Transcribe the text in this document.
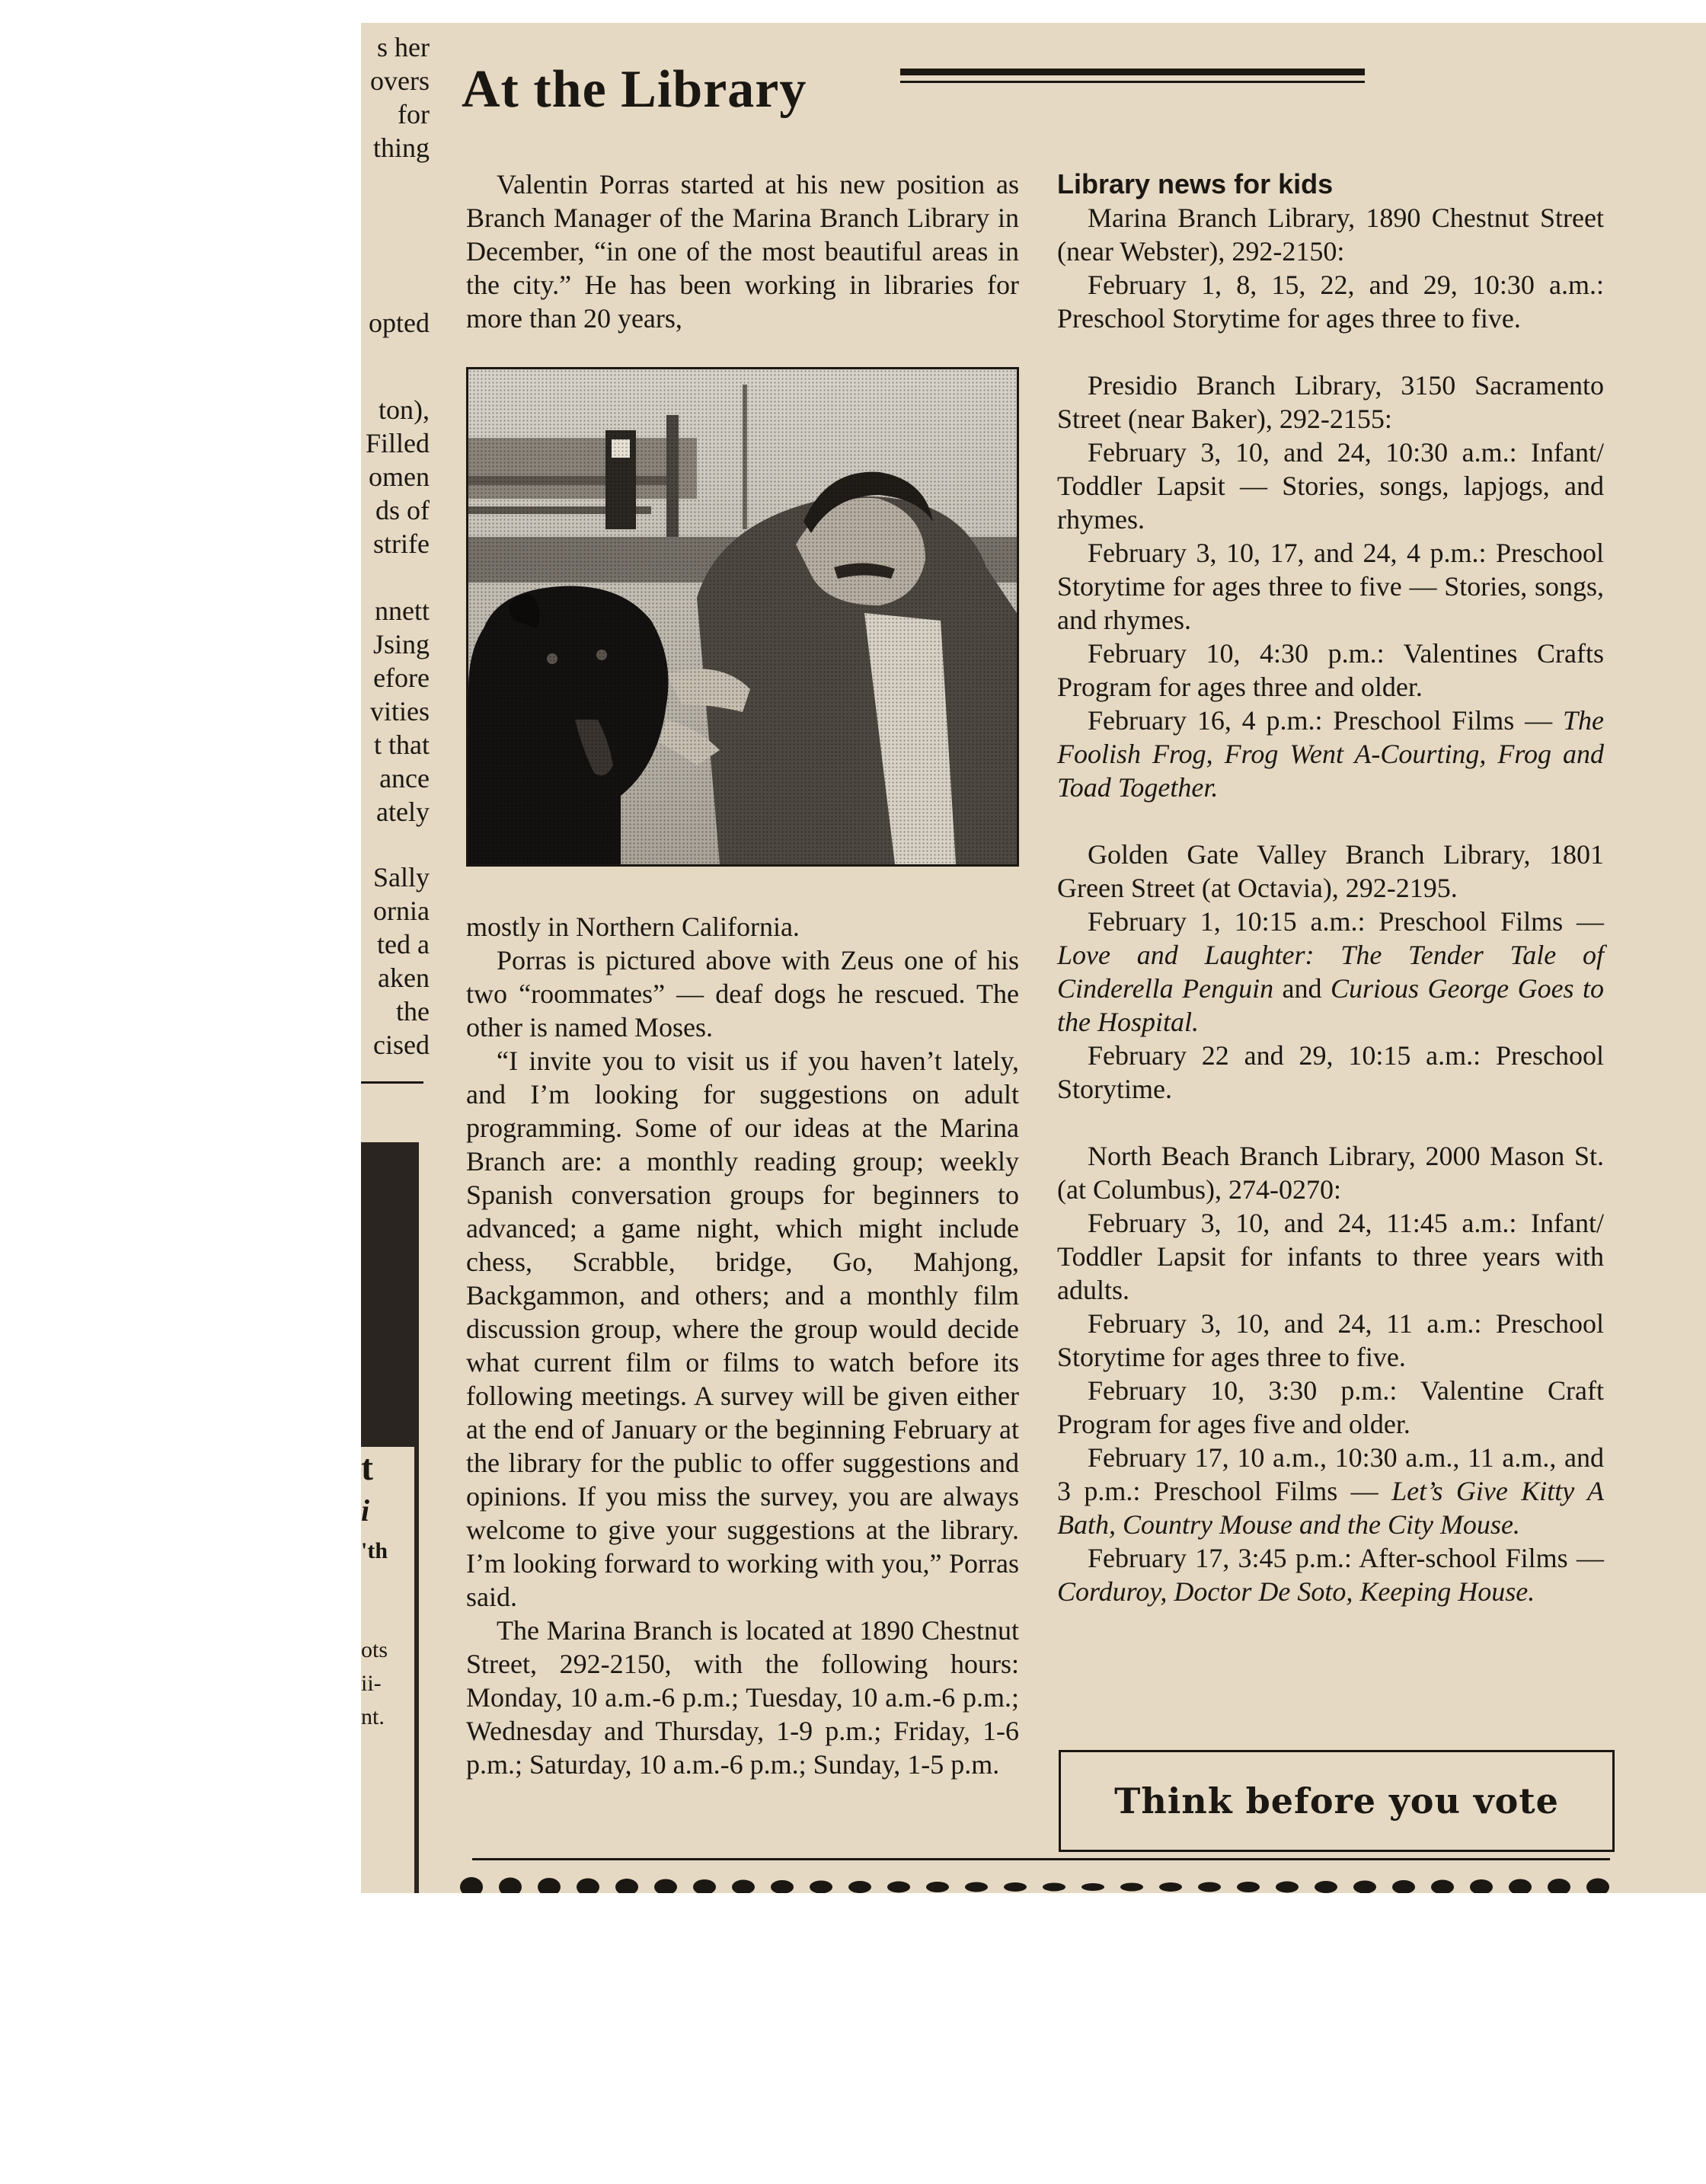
s her
overs
for
thing
opted
ton),
Filled
omen
ds of
strife
nnett
Jsing
efore
vities
t that
ance
ately
Sally
ornia
ted a
aken
the
cised
t
i
'th
ots
ii-
nt.
At the Library

Valentin Porras started at his new position as Branch Manager of the Marina Branch Library in December, “in one of the most beautiful areas in the city.” He has been working in libraries for more than 20 years,

mostly in Northern California.

Porras is pictured above with Zeus one of his two “roommates” — deaf dogs he rescued. The other is named Moses.

“I invite you to visit us if you haven’t lately, and I’m looking for suggestions on adult programming. Some of our ideas at the Marina Branch are: a monthly reading group; weekly Spanish conversation groups for beginners to advanced; a game night, which might include chess, Scrabble, bridge, Go, Mahjong, Backgammon, and others; and a monthly film discussion group, where the group would decide what current film or films to watch before its following meetings. A survey will be given either at the end of January or the beginning February at the library for the public to offer suggestions and opinions. If you miss the survey, you are always welcome to give your suggestions at the library. I’m looking forward to working with you,” Porras said.

The Marina Branch is located at 1890 Chestnut Street, 292-2150, with the following hours: Monday, 10 a.m.-6 p.m.; Tuesday, 10 a.m.-6 p.m.; Wednesday and Thursday, 1-9 p.m.; Friday, 1-6 p.m.; Saturday, 10 a.m.-6 p.m.; Sunday, 1-5 p.m.

Library news for kids

Marina Branch Library, 1890 Chestnut Street (near Webster), 292-2150:

February 1, 8, 15, 22, and 29, 10:30 a.m.: Preschool Storytime for ages three to five.

Presidio Branch Library, 3150 Sacramento Street (near Baker), 292-2155:

February 3, 10, and 24, 10:30 a.m.: Infant/ Toddler Lapsit — Stories, songs, lapjogs, and rhymes.

February 3, 10, 17, and 24, 4 p.m.: Preschool Storytime for ages three to five — Stories, songs, and rhymes.

February 10, 4:30 p.m.: Valentines Crafts Program for ages three and older.

February 16, 4 p.m.: Preschool Films — The Foolish Frog, Frog Went A-Courting, Frog and Toad Together.

Golden Gate Valley Branch Library, 1801 Green Street (at Octavia), 292-2195.

February 1, 10:15 a.m.: Preschool Films — Love and Laughter: The Tender Tale of Cinderella Penguin and Curious George Goes to the Hospital.

February 22 and 29, 10:15 a.m.: Preschool Storytime.

North Beach Branch Library, 2000 Mason St. (at Columbus), 274-0270:

February 3, 10, and 24, 11:45 a.m.: Infant/ Toddler Lapsit for infants to three years with adults.

February 3, 10, and 24, 11 a.m.: Preschool Storytime for ages three to five.

February 10, 3:30 p.m.: Valentine Craft Program for ages five and older.

February 17, 10 a.m., 10:30 a.m., 11 a.m., and 3 p.m.: Preschool Films — Let’s Give Kitty A Bath, Country Mouse and the City Mouse.

February 17, 3:45 p.m.: After-school Films — Corduroy, Doctor De Soto, Keeping House.

Think before you vote
